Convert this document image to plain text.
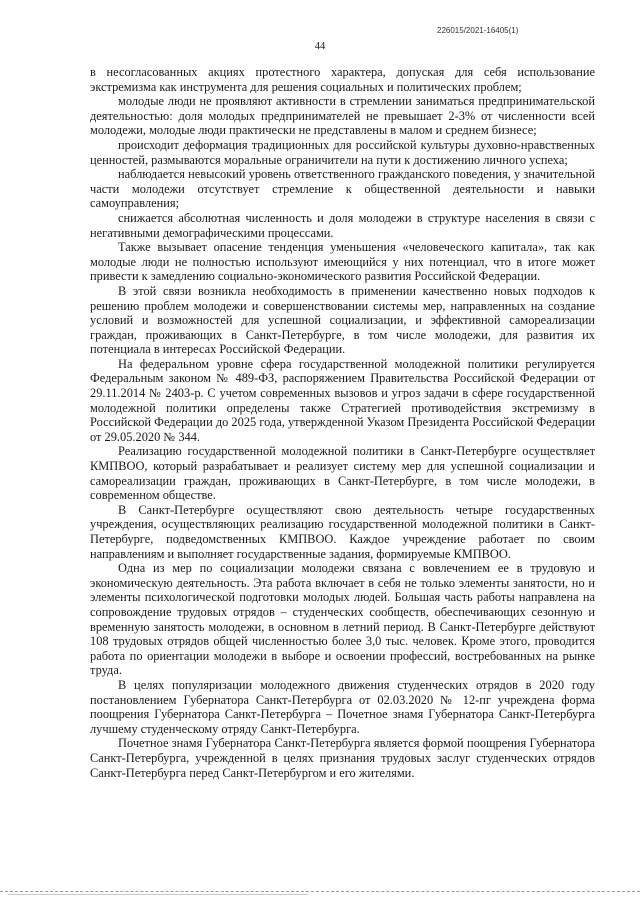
226015/2021-16405(1)
44

в несогласованных акциях протестного характера, допуская для себя использование экстремизма как инструмента для решения социальных и политических проблем;

молодые люди не проявляют активности в стремлении заниматься предпринимательской деятельностью: доля молодых предпринимателей не превышает 2-3% от численности всей молодежи, молодые люди практически не представлены в малом и среднем бизнесе;

происходит деформация традиционных для российской культуры духовно-нравственных ценностей, размываются моральные ограничители на пути к достижению личного успеха;

наблюдается невысокий уровень ответственного гражданского поведения, у значительной части молодежи отсутствует стремление к общественной деятельности и навыки самоуправления;

снижается абсолютная численность и доля молодежи в структуре населения в связи с негативными демографическими процессами.

Также вызывает опасение тенденция уменьшения «человеческого капитала», так как молодые люди не полностью используют имеющийся у них потенциал, что в итоге может привести к замедлению социально-экономического развития Российской Федерации.

В этой связи возникла необходимость в применении качественно новых подходов к решению проблем молодежи и совершенствовании системы мер, направленных на создание условий и возможностей для успешной социализации, и эффективной самореализации граждан, проживающих в Санкт-Петербурге, в том числе молодежи, для развития их потенциала в интересах Российской Федерации.

На федеральном уровне сфера государственной молодежной политики регулируется Федеральным законом № 489-ФЗ, распоряжением Правительства Российской Федерации от 29.11.2014 № 2403-р. С учетом современных вызовов и угроз задачи в сфере государственной молодежной политики определены также Стратегией противодействия экстремизму в Российской Федерации до 2025 года, утвержденной Указом Президента Российской Федерации от 29.05.2020 № 344.

Реализацию государственной молодежной политики в Санкт-Петербурге осуществляет КМПВОО, который разрабатывает и реализует систему мер для успешной социализации и самореализации граждан, проживающих в Санкт-Петербурге, в том числе молодежи, в современном обществе.

В Санкт-Петербурге осуществляют свою деятельность четыре государственных учреждения, осуществляющих реализацию государственной молодежной политики в Санкт-Петербурге, подведомственных КМПВОО. Каждое учреждение работает по своим направлениям и выполняет государственные задания, формируемые КМПВОО.

Одна из мер по социализации молодежи связана с вовлечением ее в трудовую и экономическую деятельность. Эта работа включает в себя не только элементы занятости, но и элементы психологической подготовки молодых людей. Большая часть работы направлена на сопровождение трудовых отрядов – студенческих сообществ, обеспечивающих сезонную и временную занятость молодежи, в основном в летний период. В Санкт-Петербурге действуют 108 трудовых отрядов общей численностью более 3,0 тыс. человек. Кроме этого, проводится работа по ориентации молодежи в выборе и освоении профессий, востребованных на рынке труда.

В целях популяризации молодежного движения студенческих отрядов в 2020 году постановлением Губернатора Санкт-Петербурга от 02.03.2020 № 12-пг учреждена форма поощрения Губернатора Санкт-Петербурга – Почетное знамя Губернатора Санкт-Петербурга лучшему студенческому отряду Санкт-Петербурга.

Почетное знамя Губернатора Санкт-Петербурга является формой поощрения Губернатора Санкт-Петербурга, учрежденной в целях признания трудовых заслуг студенческих отрядов Санкт-Петербурга перед Санкт-Петербургом и его жителями.
